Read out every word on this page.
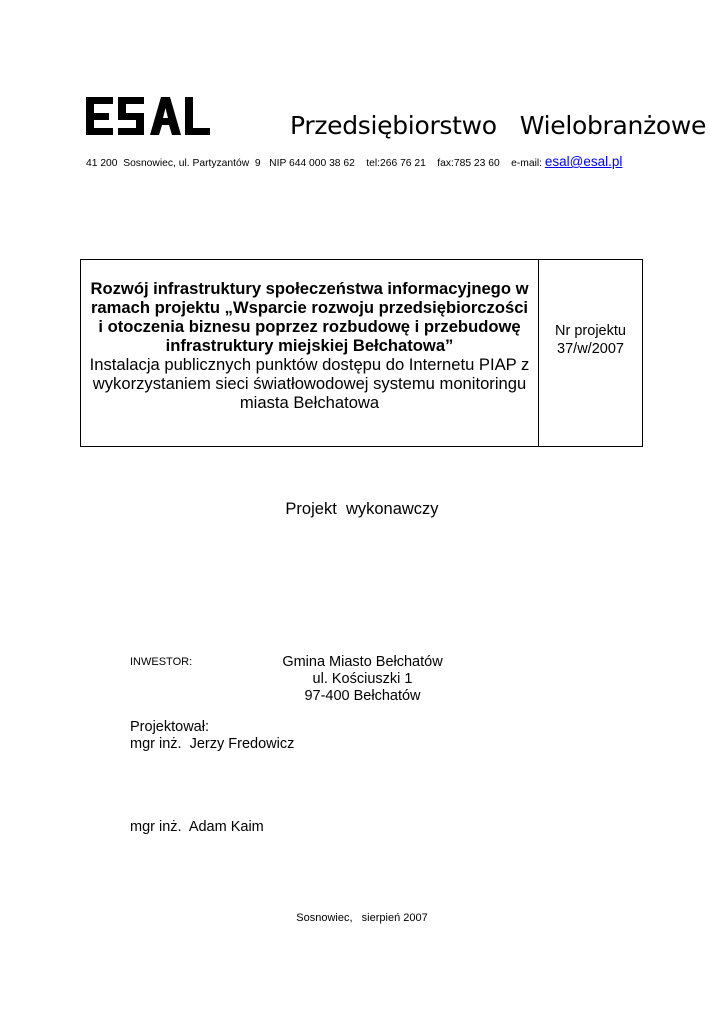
Przedsiębiorstwo   Wielobranżowe
41 200  Sosnowiec, ul. Partyzantów  9   NIP 644 000 38 62    tel:266 76 21    fax:785 23 60    e-mail: esal@esal.pl
Rozwój infrastruktury społeczeństwa informacyjnego w ramach projektu „Wsparcie rozwoju przedsiębiorczości i otoczenia biznesu poprzez rozbudowę i przebudowę infrastruktury miejskiej Bełchatowa”
Instalacja publicznych punktów dostępu do Internetu PIAP z wykorzystaniem sieci światłowodowej systemu monitoringu miasta Bełchatowa
Nr projektu
37/w/2007
Projekt  wykonawczy
INWESTOR:	Gmina Miasto Bełchatów
ul. Kościuszki 1
97-400 Bełchatów
Projektował:
mgr inż.  Jerzy Fredowicz
mgr inż.  Adam Kaim
Sosnowiec,   sierpień 2007
